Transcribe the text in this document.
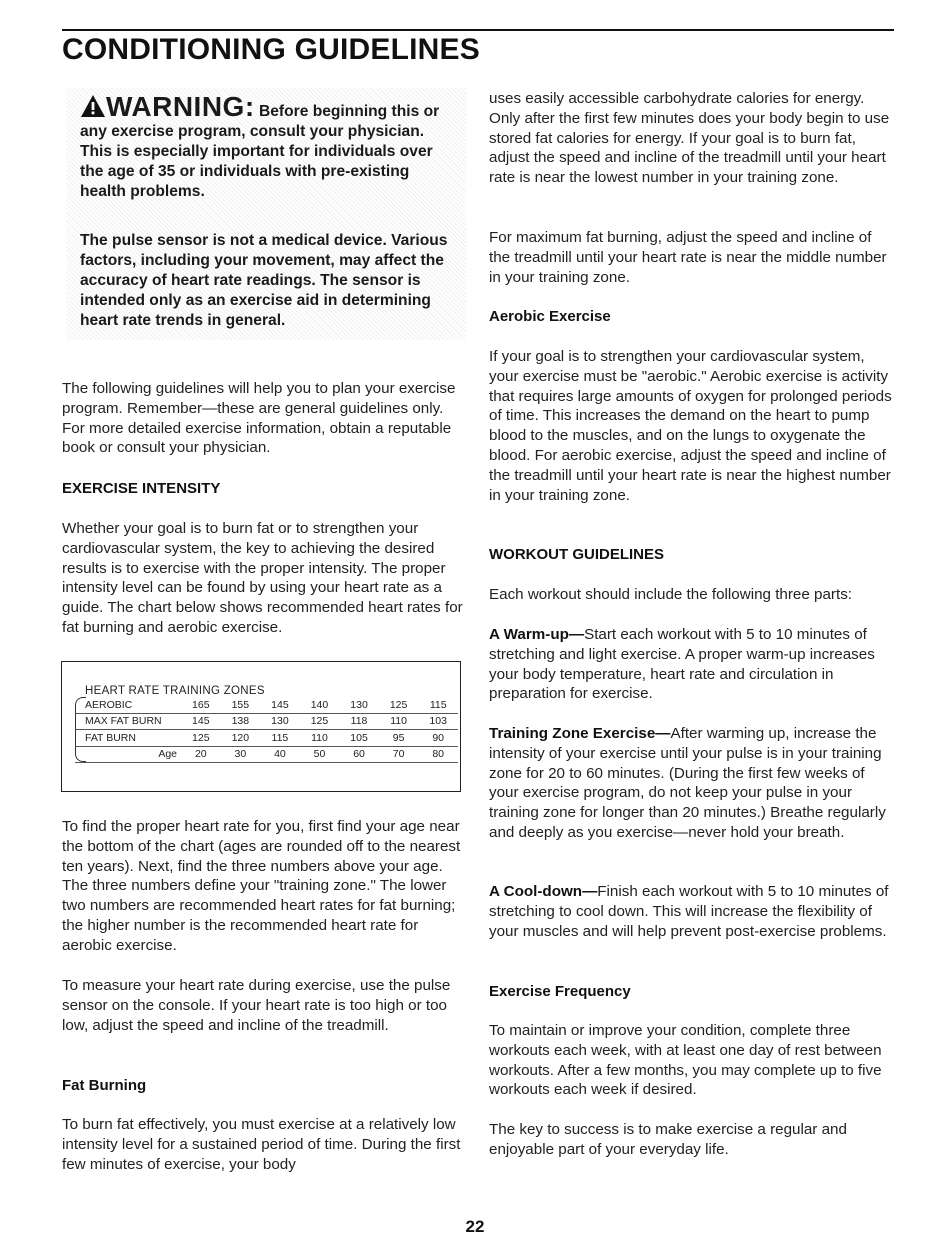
CONDITIONING GUIDELINES
WARNING: Before beginning this or any exercise program, consult your physician. This is especially important for individuals over the age of 35 or individuals with pre-existing health problems.
The pulse sensor is not a medical device. Various factors, including your movement, may affect the accuracy of heart rate readings. The sensor is intended only as an exercise aid in determining heart rate trends in general.

The following guidelines will help you to plan your exercise program. Remember—these are general guidelines only. For more detailed exercise information, obtain a reputable book or consult your physician.

EXERCISE INTENSITY

Whether your goal is to burn fat or to strengthen your cardiovascular system, the key to achieving the desired results is to exercise with the proper intensity. The proper intensity level can be found by using your heart rate as a guide. The chart below shows recommended heart rates for fat burning and aerobic exercise.

HEART RATE TRAINING ZONES

AEROBIC	165	155	145	140	130	125	115
MAX FAT BURN	145	138	130	125	118	110	103
FAT BURN	125	120	115	110	105	95	90
Age	20	30	40	50	60	70	80

To find the proper heart rate for you, first find your age near the bottom of the chart (ages are rounded off to the nearest ten years). Next, find the three numbers above your age. The three numbers define your "training zone." The lower two numbers are recommended heart rates for fat burning; the higher number is the recommended heart rate for aerobic exercise.

To measure your heart rate during exercise, use the pulse sensor on the console. If your heart rate is too high or too low, adjust the speed and incline of the treadmill.

Fat Burning

To burn fat effectively, you must exercise at a relatively low intensity level for a sustained period of time. During the first few minutes of exercise, your body

uses easily accessible carbohydrate calories for energy. Only after the first few minutes does your body begin to use stored fat calories for energy. If your goal is to burn fat, adjust the speed and incline of the treadmill until your heart rate is near the lowest number in your training zone.

For maximum fat burning, adjust the speed and incline of the treadmill until your heart rate is near the middle number in your training zone.

Aerobic Exercise

If your goal is to strengthen your cardiovascular system, your exercise must be "aerobic." Aerobic exercise is activity that requires large amounts of oxygen for prolonged periods of time. This increases the demand on the heart to pump blood to the muscles, and on the lungs to oxygenate the blood. For aerobic exercise, adjust the speed and incline of the treadmill until your heart rate is near the highest number in your training zone.

WORKOUT GUIDELINES

Each workout should include the following three parts:

A Warm-up—Start each workout with 5 to 10 minutes of stretching and light exercise. A proper warm-up increases your body temperature, heart rate and circulation in preparation for exercise.

Training Zone Exercise—After warming up, increase the intensity of your exercise until your pulse is in your training zone for 20 to 60 minutes. (During the first few weeks of your exercise program, do not keep your pulse in your training zone for longer than 20 minutes.) Breathe regularly and deeply as you exercise—never hold your breath.

A Cool-down—Finish each workout with 5 to 10 minutes of stretching to cool down. This will increase the flexibility of your muscles and will help prevent post-exercise problems.

Exercise Frequency

To maintain or improve your condition, complete three workouts each week, with at least one day of rest between workouts. After a few months, you may complete up to five workouts each week if desired.

The key to success is to make exercise a regular and enjoyable part of your everyday life.

22
